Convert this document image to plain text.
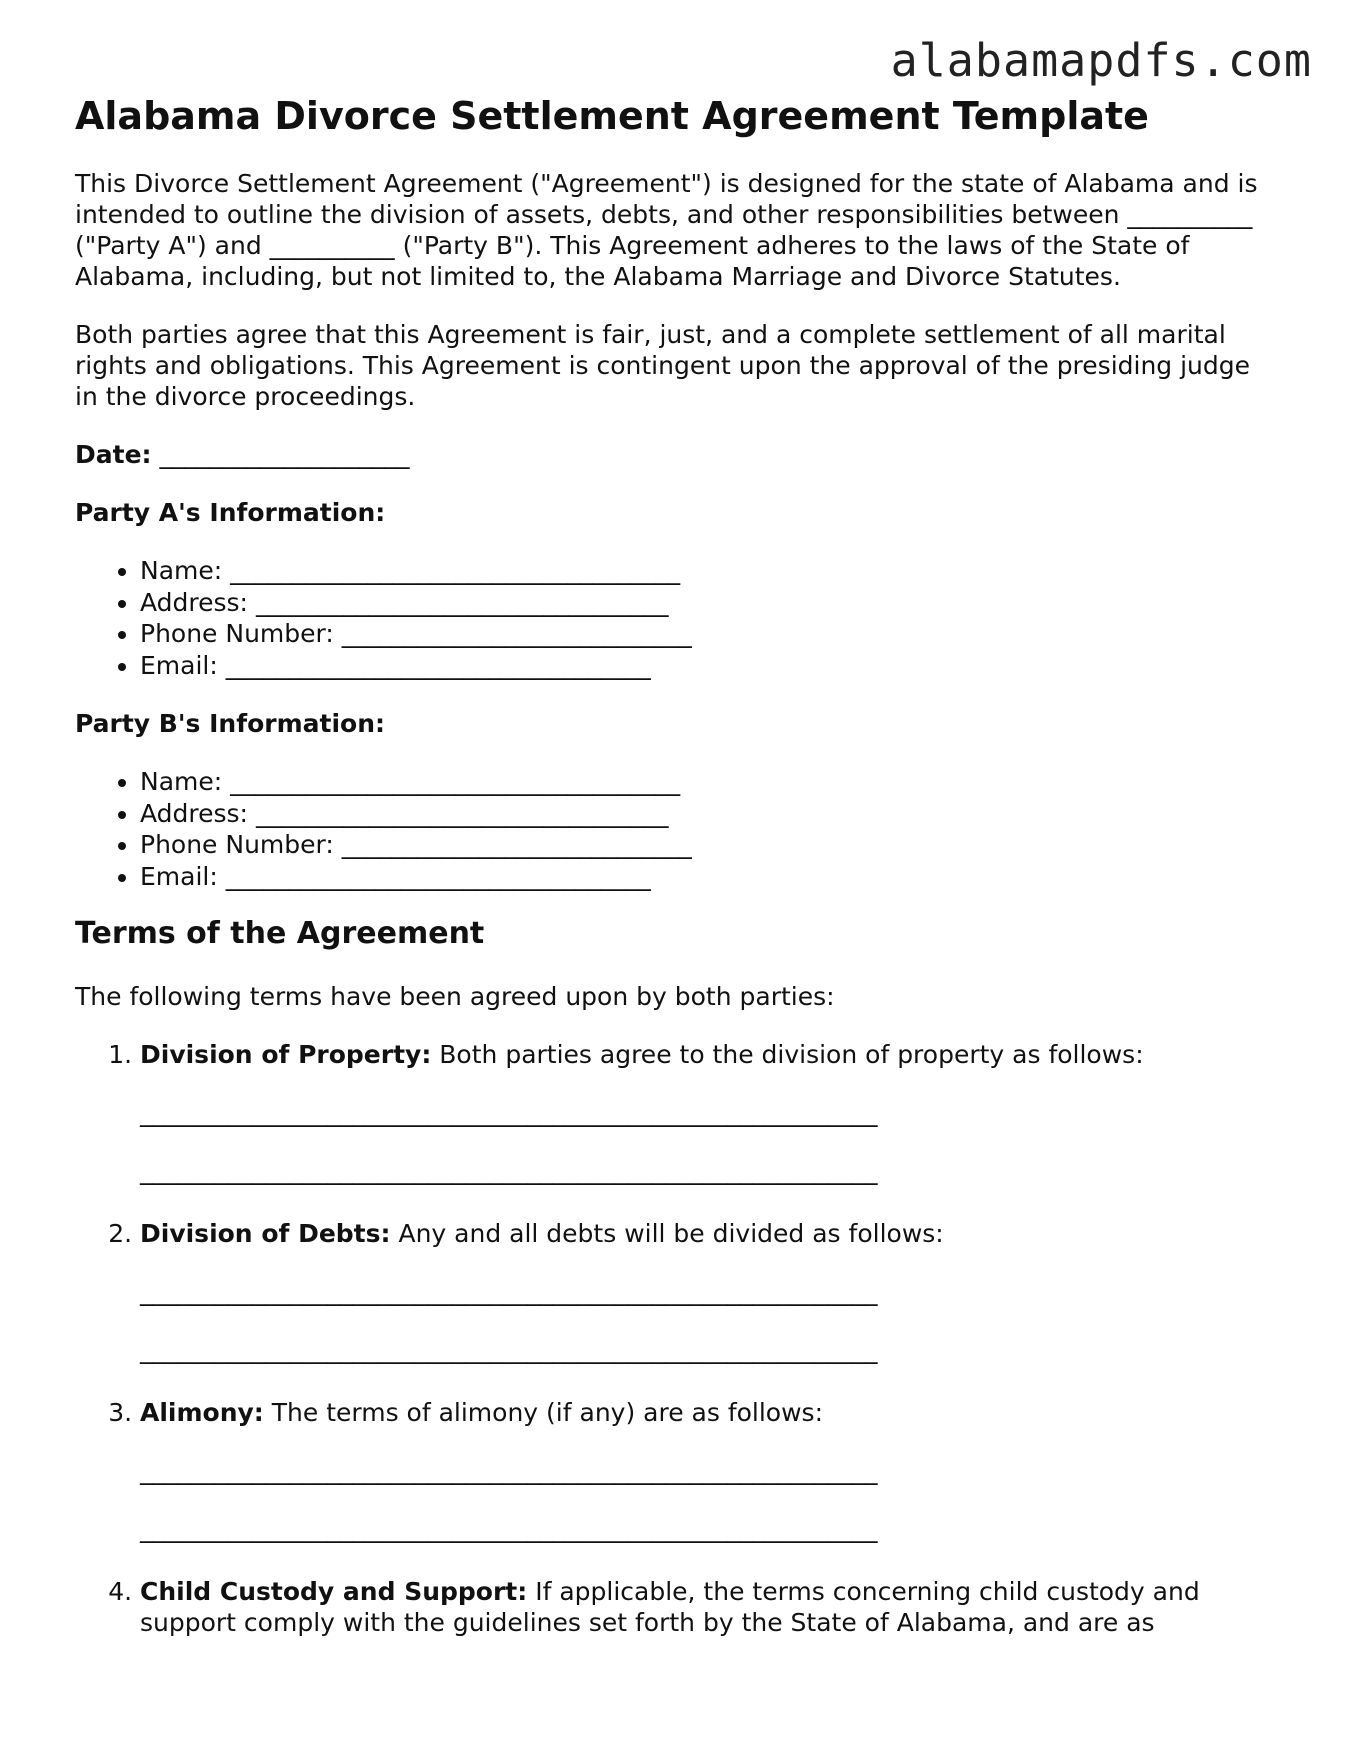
alabamapdfs.com
Alabama Divorce Settlement Agreement Template

This Divorce Settlement Agreement ("Agreement") is designed for the state of Alabama and is intended to outline the division of assets, debts, and other responsibilities between __________ ("Party A") and __________ ("Party B"). This Agreement adheres to the laws of the State of Alabama, including, but not limited to, the Alabama Marriage and Divorce Statutes.

Both parties agree that this Agreement is fair, just, and a complete settlement of all marital rights and obligations. This Agreement is contingent upon the approval of the presiding judge in the divorce proceedings.

Date: ____________________

Party A's Information:

• Name: ____________________________________
• Address: _________________________________
• Phone Number: ____________________________
• Email: __________________________________

Party B's Information:

• Name: ____________________________________
• Address: _________________________________
• Phone Number: ____________________________
• Email: __________________________________
Terms of the Agreement

The following terms have been agreed upon by both parties:

1. Division of Property: Both parties agree to the division of property as follows:
___________________________________________________________
___________________________________________________________
2. Division of Debts: Any and all debts will be divided as follows:
___________________________________________________________
___________________________________________________________
3. Alimony: The terms of alimony (if any) are as follows:
___________________________________________________________
___________________________________________________________
4. Child Custody and Support: If applicable, the terms concerning child custody and support comply with the guidelines set forth by the State of Alabama, and are as
